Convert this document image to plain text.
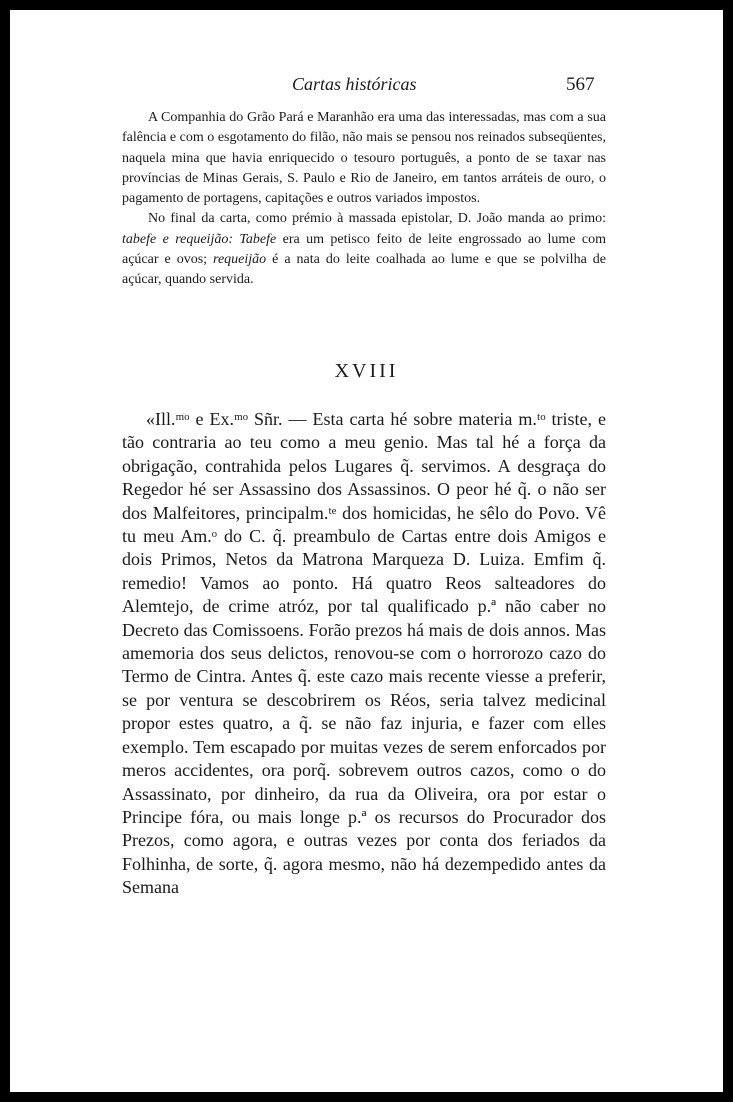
Cartas históricas	567

A Companhia do Grão Pará e Maranhão era uma das interessadas, mas com a sua falência e com o esgotamento do filão, não mais se pensou nos reinados subseqüentes, naquela mina que havia enriquecido o tesouro português, a ponto de se taxar nas províncias de Minas Gerais, S. Paulo e Rio de Janeiro, em tantos arráteis de ouro, o pagamento de portagens, capitações e outros variados impostos.

No final da carta, como prémio à massada epistolar, D. João manda ao primo: tabefe e requeijão: Tabefe era um petisco feito de leite engrossado ao lume com açúcar e ovos; requeijão é a nata do leite coalhada ao lume e que se polvilha de açúcar, quando servida.

XVIII

«Ill.ᵐᵒ e Ex.ᵐᵒ Sñr. — Esta carta hé sobre materia m.ᵗᵒ triste, e tão contraria ao teu como a meu genio. Mas tal hé a força da obrigação, contrahida pelos Lugares q̃. servimos. A desgraça do Regedor hé ser Assassino dos Assassinos. O peor hé q̃. o não ser dos Malfeitores, principalm.ᵗᵉ dos homicidas, he sêlo do Povo. Vê tu meu Am.ᵒ do C. q̃. preambulo de Cartas entre dois Amigos e dois Primos, Netos da Matrona Marqueza D. Luiza. Emfim q̃. remedio! Vamos ao ponto. Há quatro Reos salteadores do Alemtejo, de crime atróz, por tal qualificado p.ª não caber no Decreto das Comissoens. Forão prezos há mais de dois annos. Mas amemoria dos seus delictos, renovou-se com o horrorozo cazo do Termo de Cintra. Antes q̃. este cazo mais recente viesse a preferir, se por ventura se descobrirem os Réos, seria talvez medicinal propor estes quatro, a q̃. se não faz injuria, e fazer com elles exemplo. Tem escapado por muitas vezes de serem enforcados por meros accidentes, ora porq̃. sobrevem outros cazos, como o do Assassinato, por dinheiro, da rua da Oliveira, ora por estar o Principe fóra, ou mais longe p.ª os recursos do Procurador dos Prezos, como agora, e outras vezes por conta dos feriados da Folhinha, de sorte, q̃. agora mesmo, não há dezempedido antes da Semana
